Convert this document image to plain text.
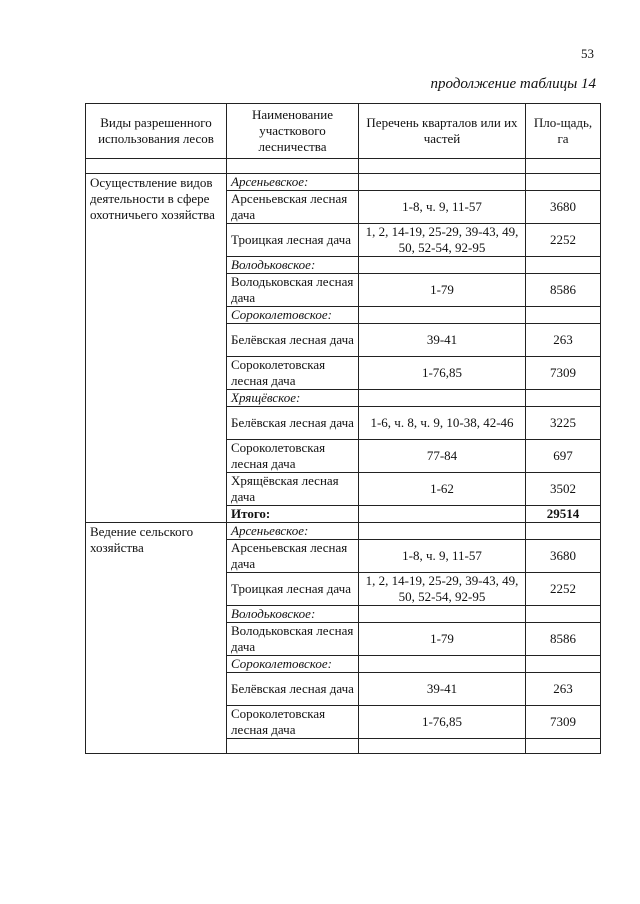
53
продолжение таблицы 14
Виды разрешенного использования лесов	Наименование участкового лесничества	Перечень кварталов или их частей	Пло-щадь, га

Осуществление видов деятельности в сфере охотничьего хозяйства	Арсеньевское:		
	Арсеньевская лесная дача	1-8, ч. 9, 11-57	3680
	Троицкая лесная дача	1, 2, 14-19, 25-29, 39-43, 49, 50, 52-54, 92-95	2252
	Володьковское:		
	Володьковская лесная дача	1-79	8586
	Сороколетовское:		
	Белёвская лесная дача	39-41	263
	Сороколетовская лесная дача	1-76,85	7309
	Хрящёвское:		
	Белёвская лесная дача	1-6, ч. 8, ч. 9, 10-38, 42-46	3225
	Сороколетовская лесная дача	77-84	697
	Хрящёвская лесная дача	1-62	3502
	Итого:		29514
Ведение сельского хозяйства	Арсеньевское:		
	Арсеньевская лесная дача	1-8, ч. 9, 11-57	3680
	Троицкая лесная дача	1, 2, 14-19, 25-29, 39-43, 49, 50, 52-54, 92-95	2252
	Володьковское:		
	Володьковская лесная дача	1-79	8586
	Сороколетовское:		
	Белёвская лесная дача	39-41	263
	Сороколетовская лесная дача	1-76,85	7309
